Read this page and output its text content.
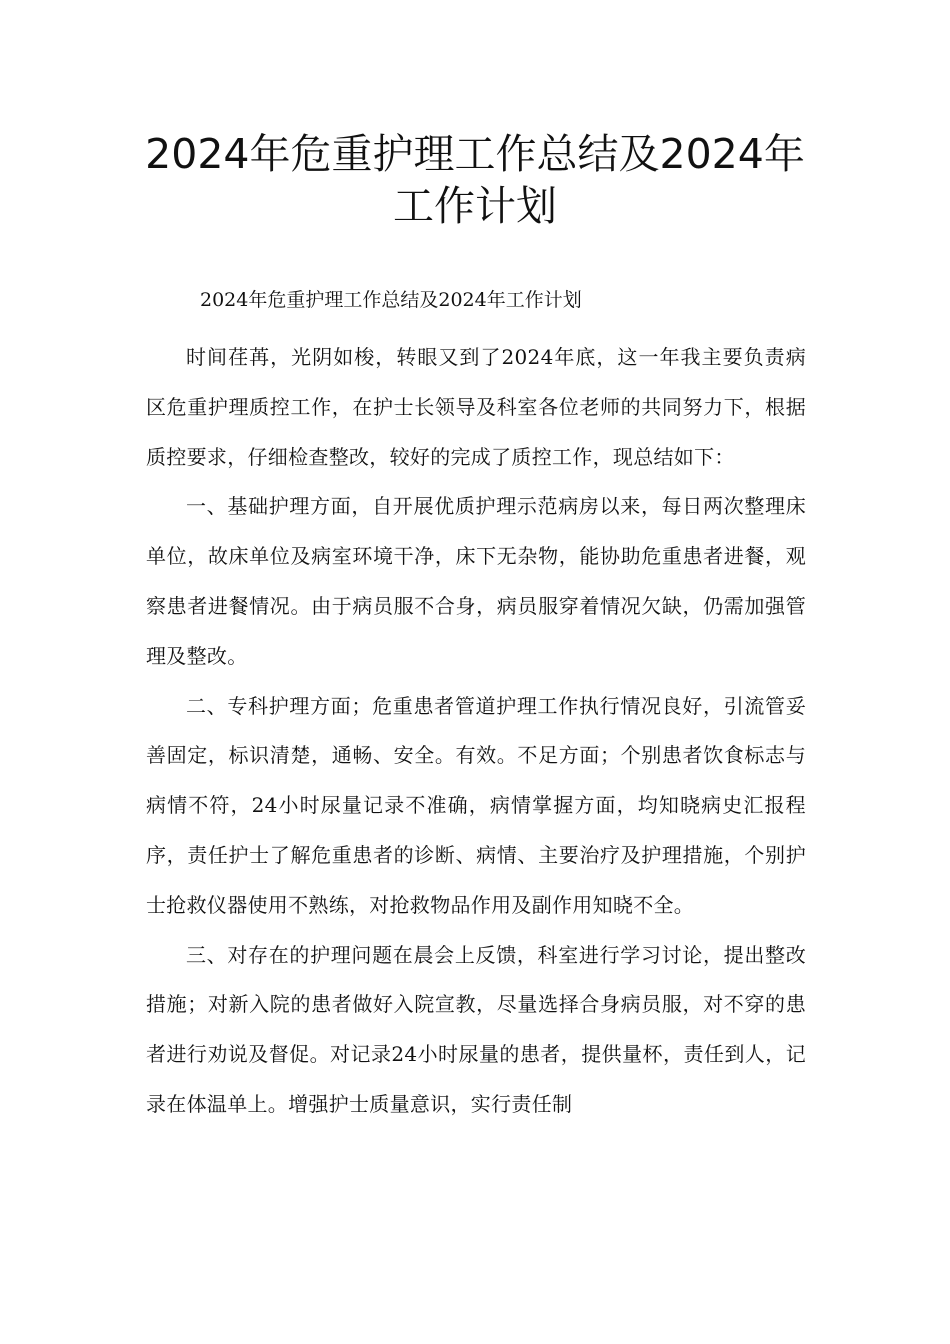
2024年危重护理工作总结及2024年工作计划

2024年危重护理工作总结及2024年工作计划

时间荏苒，光阴如梭，转眼又到了2024年底，这一年我主要负责病区危重护理质控工作，在护士长领导及科室各位老师的共同努力下，根据质控要求，仔细检查整改，较好的完成了质控工作，现总结如下：

一、基础护理方面，自开展优质护理示范病房以来，每日两次整理床单位，故床单位及病室环境干净，床下无杂物，能协助危重患者进餐，观察患者进餐情况。由于病员服不合身，病员服穿着情况欠缺，仍需加强管理及整改。

二、专科护理方面；危重患者管道护理工作执行情况良好，引流管妥善固定，标识清楚，通畅、安全。有效。不足方面；个别患者饮食标志与病情不符，24小时尿量记录不准确，病情掌握方面，均知晓病史汇报程序，责任护士了解危重患者的诊断、病情、主要治疗及护理措施，个别护士抢救仪器使用不熟练，对抢救物品作用及副作用知晓不全。

三、对存在的护理问题在晨会上反馈，科室进行学习讨论，提出整改措施；对新入院的患者做好入院宣教，尽量选择合身病员服，对不穿的患者进行劝说及督促。对记录24小时尿量的患者，提供量杯，责任到人，记录在体温单上。增强护士质量意识，实行责任制
